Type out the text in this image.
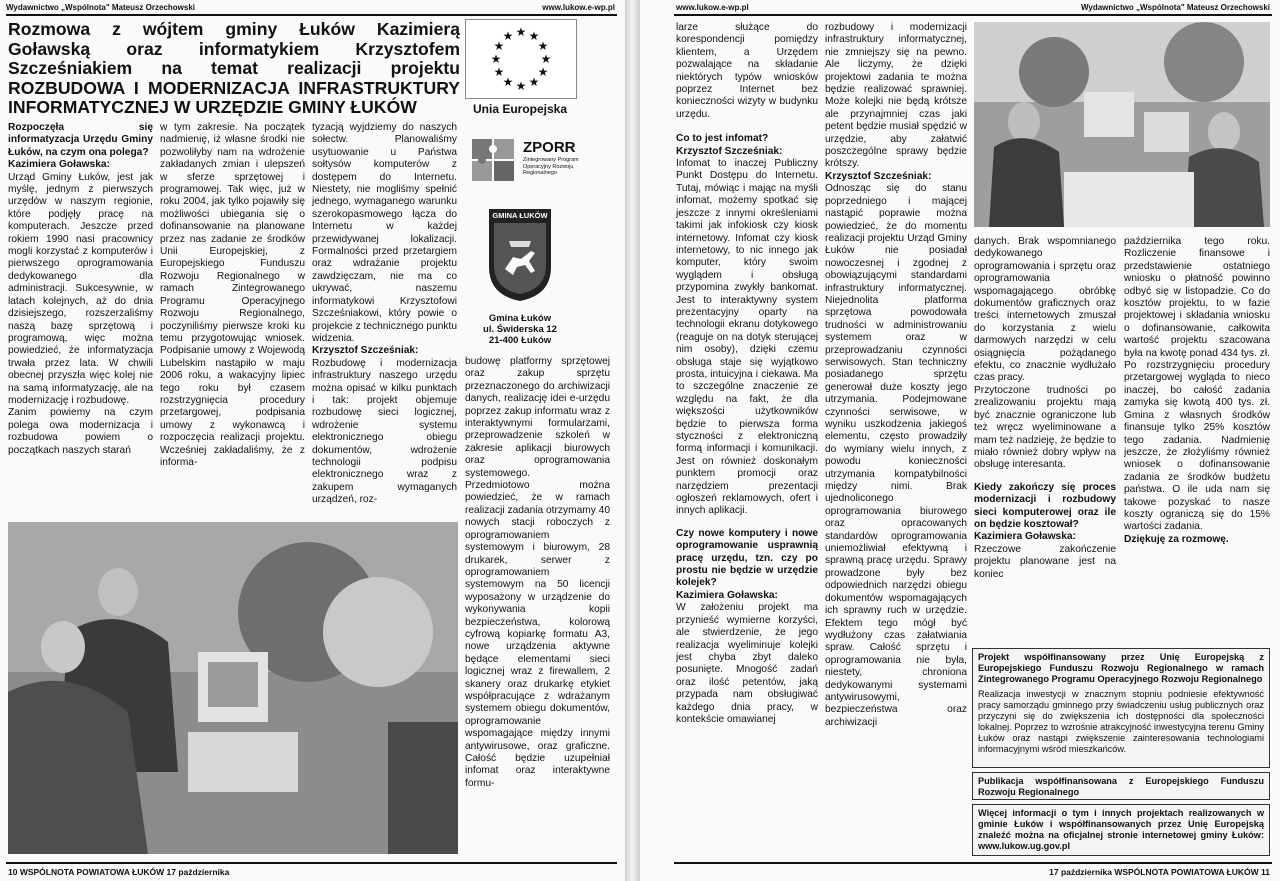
Wydawnictwo „Wspólnota" Mateusz Orzechowski	www.lukow.e-wp.pl
Rozmowa z wójtem gminy Łuków Kazimierą Goławską oraz informatykiem Krzysztofem Szcześniakiem na temat realizacji projektu ROZBUDOWA I MODERNIZACJA INFRASTRUKTURY INFORMATYCZNEJ W URZĘDZIE GMINY ŁUKÓW
★ ★
★
★
★
★
★
★
★
★
★
★
Unia Europejska
ZPORR
Zintegrowany Program Operacyjny Rozwoju Regionalnego
GMINA ŁUKÓW
Gmina Łuków
ul. Świderska 12
21-400 Łuków

Rozpoczęła się informatyzacja Urzędu Gminy Łuków, na czym ona polega?

Kazimiera Goławska:

Urząd Gminy Łuków, jest jak myślę, jednym z pierwszych urzędów w naszym regionie, które podjęły pracę na komputerach. Jeszcze przed rokiem 1990 nasi pracownicy mogli korzystać z komputerów i pierwszego oprogramowania dedykowanego dla administracji. Sukcesywnie, w latach kolejnych, aż do dnia dzisiejszego, rozszerzaliśmy naszą bazę sprzętową i programową, więc można powiedzieć, że informatyzacja trwała przez lata. W chwili obecnej przyszła więc kolej nie na samą informatyzację, ale na modernizację i rozbudowę.

Zanim powiemy na czym polega owa modernizacja i rozbudowa powiem o początkach naszych starań

w tym zakresie. Na początek nadmienię, iż własne środki nie pozwoliłyby nam na wdrożenie zakładanych zmian i ulepszeń w sferze sprzętowej i programowej. Tak więc, już w roku 2004, jak tylko pojawiły się możliwości ubiegania się o dofinansowanie na planowane przez nas zadanie ze środków Unii Europejskiej, z Europejskiego Funduszu Rozwoju Regionalnego w ramach Zintegrowanego Programu Operacyjnego Rozwoju Regionalnego, poczyniliśmy pierwsze kroki ku temu przygotowując wniosek. Podpisanie umowy z Wojewodą Lubelskim nastąpiło w maju 2006 roku, a wakacyjny lipiec tego roku był czasem rozstrzygnięcia procedury przetargowej, podpisania umowy z wykonawcą i rozpoczęcia realizacji projektu. Wcześniej zakładaliśmy, że z informa-

tyzacją wyjdziemy do naszych sołectw. Planowaliśmy usytuowanie u Państwa sołtysów komputerów z dostępem do Internetu. Niestety, nie mogliśmy spełnić jednego, wymaganego warunku szerokopasmowego łącza do Internetu w każdej przewidywanej lokalizacji. Formalności przed przetargiem oraz wdrażanie projektu zawdzięczam, nie ma co ukrywać, naszemu informatykowi Krzysztofowi Szcześniakowi, który powie o projekcie z technicznego punktu widzenia.

Krzysztof Szcześniak:

Rozbudowę i modernizacja infrastruktury naszego urzędu można opisać w kilku punktach i tak: projekt objemuje rozbudowę sieci logicznej, wdrożenie systemu elektronicznego obiegu dokumentów, wdrożenie technologii podpisu elektronicznego wraz z zakupem wymaganych urządzeń, roz-

budowę platformy sprzętowej oraz zakup sprzętu przeznaczonego do archiwizacji danych, realizację idei e-urzędu poprzez zakup informatu wraz z interaktywnymi formularzami, przeprowadzenie szkoleń w zakresie aplikacji biurowych oraz oprogramowania systemowego.

Przedmiotowo można powiedzieć, że w ramach realizacji zadania otrzymamy 40 nowych stacji roboczych z oprogramowaniem systemowym i biurowym, 28 drukarek, serwer z oprogramowaniem systemowym na 50 licencji wyposażony w urządzenie do wykonywania kopii bezpieczeństwa, kolorową cyfrową kopiarkę formatu A3, nowe urządzenia aktywne będące elementami sieci logicznej wraz z firewallem, 2 skanery oraz drukarkę etykiet współpracujące z wdrażanym systemem obiegu dokumentów, oprogramowanie wspomagające między innymi antywirusowe, oraz graficzne. Całość będzie uzupełniał infomat oraz interaktywne formu-

10 WSPÓLNOTA POWIATOWA ŁUKÓW 17 października
www.lukow.e-wp.pl	Wydawnictwo „Wspólnota" Mateusz Orzechowski

larze służące do korespondencji pomiędzy klientem, a Urzędem pozwalające na składanie niektórych typów wniosków poprzez Internet bez konieczności wizyty w budynku urzędu.

Co to jest infomat?

Krzysztof Szcześniak:

Infomat to inaczej Publiczny Punkt Dostępu do Internetu. Tutaj, mówiąc i mając na myśli infomat, możemy spotkać się jeszcze z innymi określeniami takimi jak infokiosk czy kiosk internetowy. Infomat czy kiosk internetowy, to nic innego jak komputer, który swoim wyglądem i obsługą przypomina zwykły bankomat. Jest to interaktywny system prezentacyjny oparty na technologii ekranu dotykowego (reaguje on na dotyk sterującej nim osoby), dzięki czemu obsługa staje się wyjątkowo prosta, intuicyjna i ciekawa. Ma to szczególne znaczenie ze względu na fakt, że dla większości użytkowników będzie to pierwsza forma styczności z elektroniczną formą informacji i komunikacji. Jest on również doskonałym punktem promocji oraz narzędziem prezentacji ogłoszeń reklamowych, ofert i innych aplikacji.

Czy nowe komputery i nowe oprogramowanie usprawnią pracę urzędu, tzn. czy po prostu nie będzie w urzędzie kolejek?

Kazimiera Goławska:

W założeniu projekt ma przynieść wymierne korzyści, ale stwierdzenie, że jego realizacja wyeliminuje kolejki jest chyba zbyt daleko posunięte. Mnogość zadań oraz ilość petentów, jaką przypada nam obsługiwać każdego dnia pracy, w kontekście omawianej

rozbudowy i modernizacji infrastruktury informatycznej, nie zmniejszy się na pewno. Ale liczymy, że dzięki projektowi zadania te można będzie realizować sprawniej. Może kolejki nie będą krótsze ale przynajmniej czas jaki petent będzie musiał spędzić w urzędzie, aby załatwić poszczególne sprawy będzie krótszy.

Krzysztof Szcześniak:

Odnosząc się do stanu poprzedniego i mającej nastąpić poprawie można powiedzieć, że do momentu realizacji projektu Urząd Gminy Łuków nie posiadał nowoczesnej i zgodnej z obowiązującymi standardami infrastruktury informatycznej. Niejednolita platforma sprzętowa powodowała trudności w administrowaniu systemem oraz w przeprowadzaniu czynności serwisowych. Stan techniczny posiadanego sprzętu generował duże koszty jego utrzymania. Podejmowane czynności serwisowe, w wyniku uszkodzenia jakiegoś elementu, często prowadziły do wymiany wielu innych, z powodu konieczności utrzymania kompatybilności między nimi. Brak ujednoliconego oprogramowania biurowego oraz opracowanych standardów oprogramowania uniemożliwiał efektywną i sprawną pracę urzędu. Sprawy prowadzone były bez odpowiednich narzędzi obiegu dokumentów wspomagających ich sprawny ruch w urzędzie. Efektem tego mógł być wydłużony czas załatwiania spraw. Całość sprzętu i oprogramowania nie była, niestety, chroniona dedykowanymi systemami antywirusowymi, bezpieczeństwa oraz archiwizacji

danych. Brak wspomnianego dedykowanego oprogramowania i sprzętu oraz oprogramowania wspomagającego obróbkę dokumentów graficznych oraz treści internetowych zmuszał do korzystania z wielu darmowych narzędzi w celu osiągnięcia pożądanego efektu, co znacznie wydłużało czas pracy.

Przytoczone trudności po zrealizowaniu projektu mają być znacznie ograniczone lub też wręcz wyeliminowane a mam też nadzieję, że będzie to miało również dobry wpływ na obsługę interesanta.

Kiedy zakończy się proces modernizacji i rozbudowy sieci komputerowej oraz ile on będzie kosztował?

Kazimiera Goławska:

Rzeczowe zakończenie projektu planowane jest na koniec

października tego roku. Rozliczenie finansowe i przedstawienie ostatniego wniosku o płatność powinno odbyć się w listopadzie. Co do kosztów projektu, to w fazie projektowej i składania wniosku o dofinansowanie, całkowita wartość projektu szacowana była na kwotę ponad 434 tys. zł. Po rozstrzygnięciu procedury przetargowej wygląda to nieco inaczej, bo całość zadania zamyka się kwotą 400 tys. zł. Gmina z własnych środków finansuje tylko 25% kosztów tego zadania. Nadmienię jeszcze, że złożyliśmy również wniosek o dofinansowanie zadania ze środków budżetu państwa. O ile uda nam się takowe pozyskać to nasze koszty ograniczą się do 15% wartości zadania.

Dziękuję za rozmowę.

Projekt współfinansowany przez Unię Europejską z Europejskiego Funduszu Rozwoju Regionalnego w ramach Zintegrowanego Programu Operacyjnego Rozwoju Regionalnego
Realizacja inwestycji w znacznym stopniu podniesie efektywność pracy samorządu gminnego przy świadczeniu usług publicznych oraz przyczyni się do zwiększenia ich dostępności dla społeczności lokalnej. Poprzez to wzrośnie atrakcyjność inwestycyjna terenu Gminy Łuków oraz nastąpi zwiększenie zainteresowania technologiami informacyjnymi wśród mieszkańców.
Publikacja współfinansowana z Europejskiego Funduszu Rozwoju Regionalnego
Więcej informacji o tym i innych projektach realizowanych w gminie Łuków i współfinansowanych przez Unię Europejską znaleźć można na oficjalnej stronie internetowej gminy Łuków: www.lukow.ug.gov.pl
17 października WSPÓLNOTA POWIATOWA ŁUKÓW 11
